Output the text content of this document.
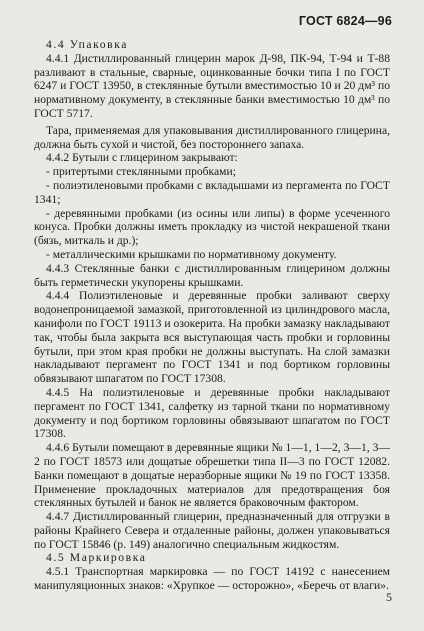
ГОСТ 6824—96

4.4 Упаковка

4.4.1 Дистиллированный глицерин марок Д-98, ПК-94, Т-94 и Т-88 разливают в стальные, сварные, оцинкованные бочки типа I по ГОСТ 6247 и ГОСТ 13950, в стеклянные бутыли вместимостью 10 и 20 дм³ по нормативному документу, в стеклянные банки вместимостью 10 дм³ по ГОСТ 5717.

Тара, применяемая для упаковывания дистиллированного глицерина, должна быть сухой и чистой, без постороннего запаха.

4.4.2 Бутыли с глицерином закрывают:

- притертыми стеклянными пробками;

- полиэтиленовыми пробками с вкладышами из пергамента по ГОСТ 1341;

- деревянными пробками (из осины или липы) в форме усеченного конуса. Пробки должны иметь прокладку из чистой некрашеной ткани (бязь, миткаль и др.);

- металлическими крышками по нормативному документу.

4.4.3 Стеклянные банки с дистиллированным глицерином должны быть герметически укупорены крышками.

4.4.4 Полиэтиленовые и деревянные пробки заливают сверху водонепроницаемой замазкой, приготовленной из цилиндрового масла, канифоли по ГОСТ 19113 и озокерита. На пробки замазку накладывают так, чтобы была закрыта вся выступающая часть пробки и горловины бутыли, при этом края пробки не должны выступать. На слой замазки накладывают пергамент по ГОСТ 1341 и под бортиком горловины обвязывают шпагатом по ГОСТ 17308.

4.4.5 На полиэтиленовые и деревянные пробки накладывают пергамент по ГОСТ 1341, салфетку из тарной ткани по нормативному документу и под бортиком горловины обвязывают шпагатом по ГОСТ 17308.

4.4.6 Бутыли помещают в деревянные ящики № 1—1, 1—2, 3—1, 3—2 по ГОСТ 18573 или дощатые обрешетки типа II—3 по ГОСТ 12082. Банки помещают в дощатые неразборные ящики № 19 по ГОСТ 13358. Применение прокладочных материалов для предотвращения боя стеклянных бутылей и банок не является браковочным фактором.

4.4.7 Дистиллированный глицерин, предназначенный для отгрузки в районы Крайнего Севера и отдаленные районы, должен упаковываться по ГОСТ 15846 (р. 149) аналогично специальным жидкостям.

4.5 Маркировка

4.5.1 Транспортная маркировка — по ГОСТ 14192 с нанесением манипуляционных знаков: «Хрупкое — осторожно», «Беречь от влаги».

5
